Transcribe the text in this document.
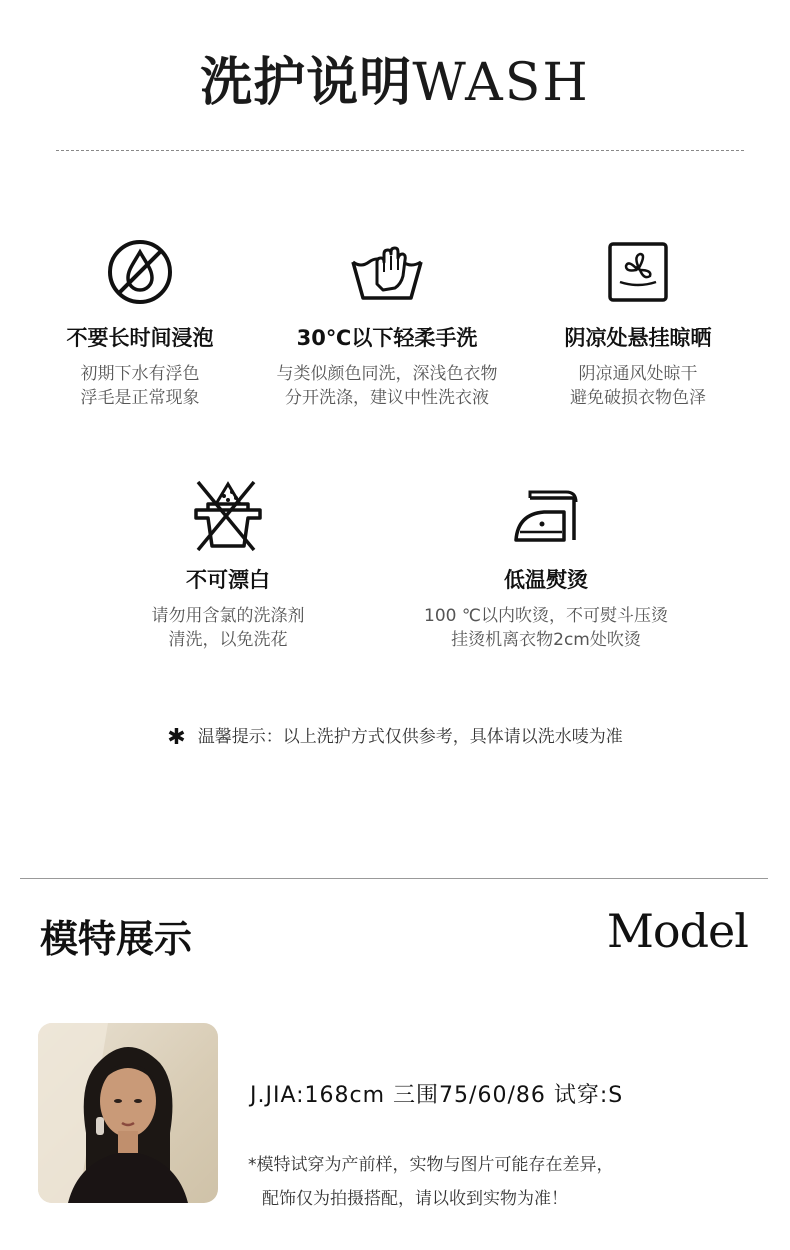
洗护说明WASH
不要长时间浸泡
初期下水有浮色
浮毛是正常现象
30℃以下轻柔手洗
与类似颜色同洗，深浅色衣物
分开洗涤，建议中性洗衣液
阴凉处悬挂晾晒
阴凉通风处晾干
避免破损衣物色泽
不可漂白
请勿用含氯的洗涤剂
清洗，以免洗花
低温熨烫
100 ℃以内吹烫，不可熨斗压烫
挂烫机离衣物2cm处吹烫
✱ 温馨提示：以上洗护方式仅供参考，具体请以洗水唛为准
模特展示	Model
J.JIA:168cm 三围75/60/86 试穿:S
*模特试穿为产前样，实物与图片可能存在差异，
配饰仅为拍摄搭配，请以收到实物为准！
